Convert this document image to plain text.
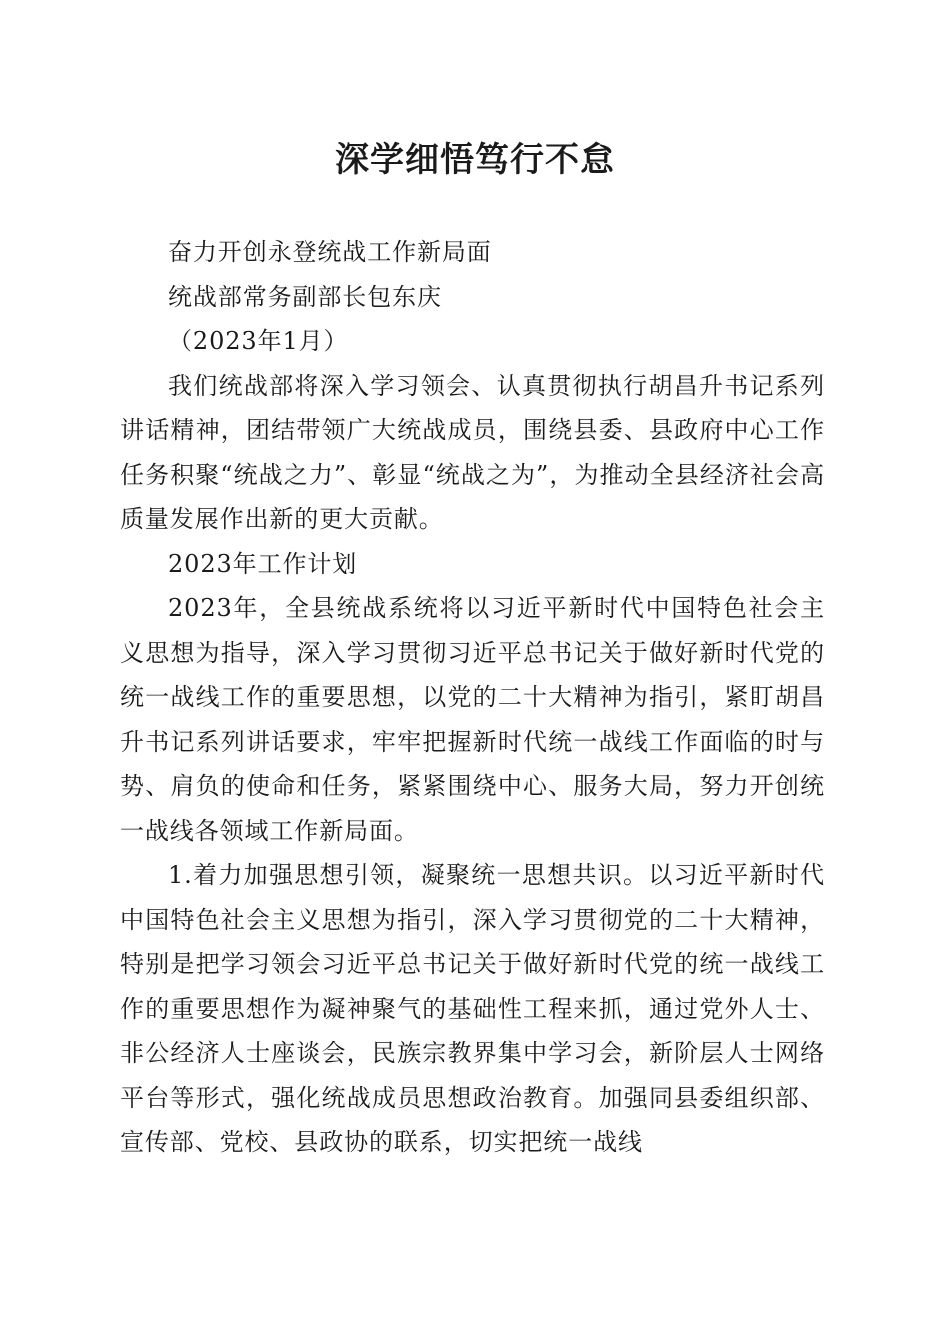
深学细悟笃行不怠

奋力开创永登统战工作新局面

统战部常务副部长包东庆

（2023年1月）

我们统战部将深入学习领会、认真贯彻执行胡昌升书记系列讲话精神，团结带领广大统战成员，围绕县委、县政府中心工作任务积聚“统战之力”、彰显“统战之为”，为推动全县经济社会高质量发展作出新的更大贡献。

2023年工作计划

2023年，全县统战系统将以习近平新时代中国特色社会主义思想为指导，深入学习贯彻习近平总书记关于做好新时代党的统一战线工作的重要思想，以党的二十大精神为指引，紧盯胡昌升书记系列讲话要求，牢牢把握新时代统一战线工作面临的时与势、肩负的使命和任务，紧紧围绕中心、服务大局，努力开创统一战线各领域工作新局面。

1.着力加强思想引领，凝聚统一思想共识。以习近平新时代中国特色社会主义思想为指引，深入学习贯彻党的二十大精神，特别是把学习领会习近平总书记关于做好新时代党的统一战线工作的重要思想作为凝神聚气的基础性工程来抓，通过党外人士、非公经济人士座谈会，民族宗教界集中学习会，新阶层人士网络平台等形式，强化统战成员思想政治教育。加强同县委组织部、宣传部、党校、县政协的联系，切实把统一战线
